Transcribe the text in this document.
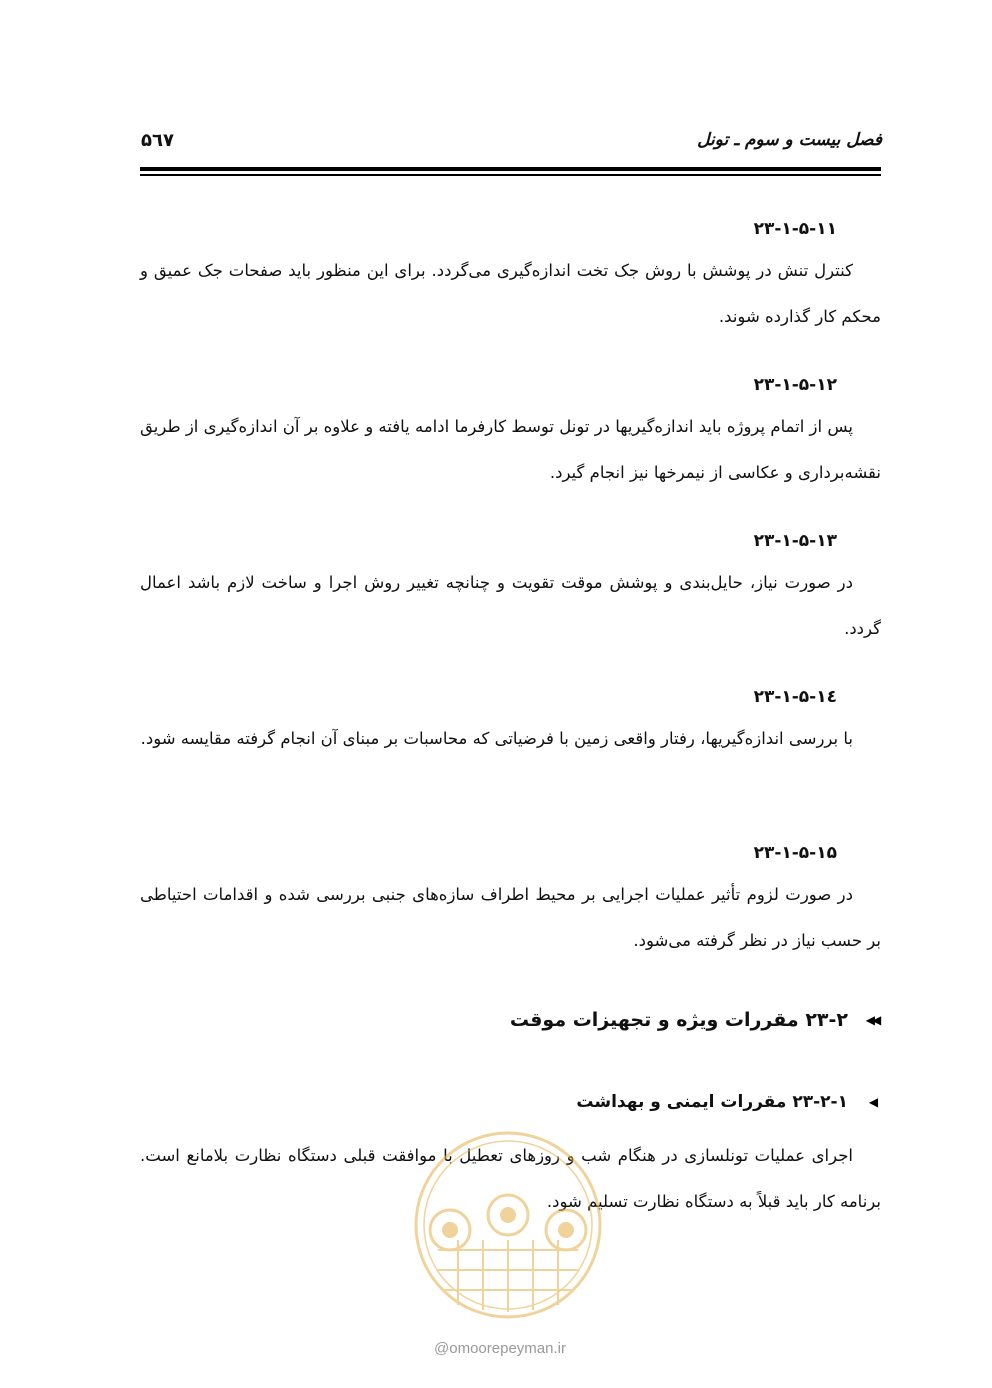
فصل بیست و سوم ـ تونل
۵٦۷

۲۳-۱-۵-۱۱

کنترل تنش در پوشش با روش جک تخت اندازه‌گیری می‌گردد. برای این منظور باید صفحات جک عمیق و محکم کار گذارده شوند.

۲۳-۱-۵-۱۲

پس از اتمام پروژه باید اندازه‌گیریها در تونل توسط کارفرما ادامه یافته و علاوه بر آن اندازه‌گیری از طریق نقشه‌برداری و عکاسی از نیمرخها نیز انجام گیرد.

۲۳-۱-۵-۱۳

در صورت نیاز، حایل‌بندی و پوشش موقت تقویت و چنانچه تغییر روش اجرا و ساخت لازم باشد اعمال گردد.

۲۳-۱-۵-۱٤

با بررسی اندازه‌گیریها، رفتار واقعی زمین با فرضیاتی که محاسبات بر مبنای آن انجام گرفته مقایسه شود.

۲۳-۱-۵-۱۵

در صورت لزوم تأثیر عملیات اجرایی بر محیط اطراف سازه‌های جنبی بررسی شده و اقدامات احتیاطی بر حسب نیاز در نظر گرفته می‌شود.

◀◀
۲۳-۲ مقررات ویژه و تجهیزات موقت
◀
۲۳-۲-۱ مقررات ایمنی و بهداشت

اجرای عملیات تونلسازی در هنگام شب و روزهای تعطیل با موافقت قبلی دستگاه نظارت بلامانع است. برنامه کار باید قبلاً به دستگاه نظارت تسلیم شود.

@omoorepeyman.ir
